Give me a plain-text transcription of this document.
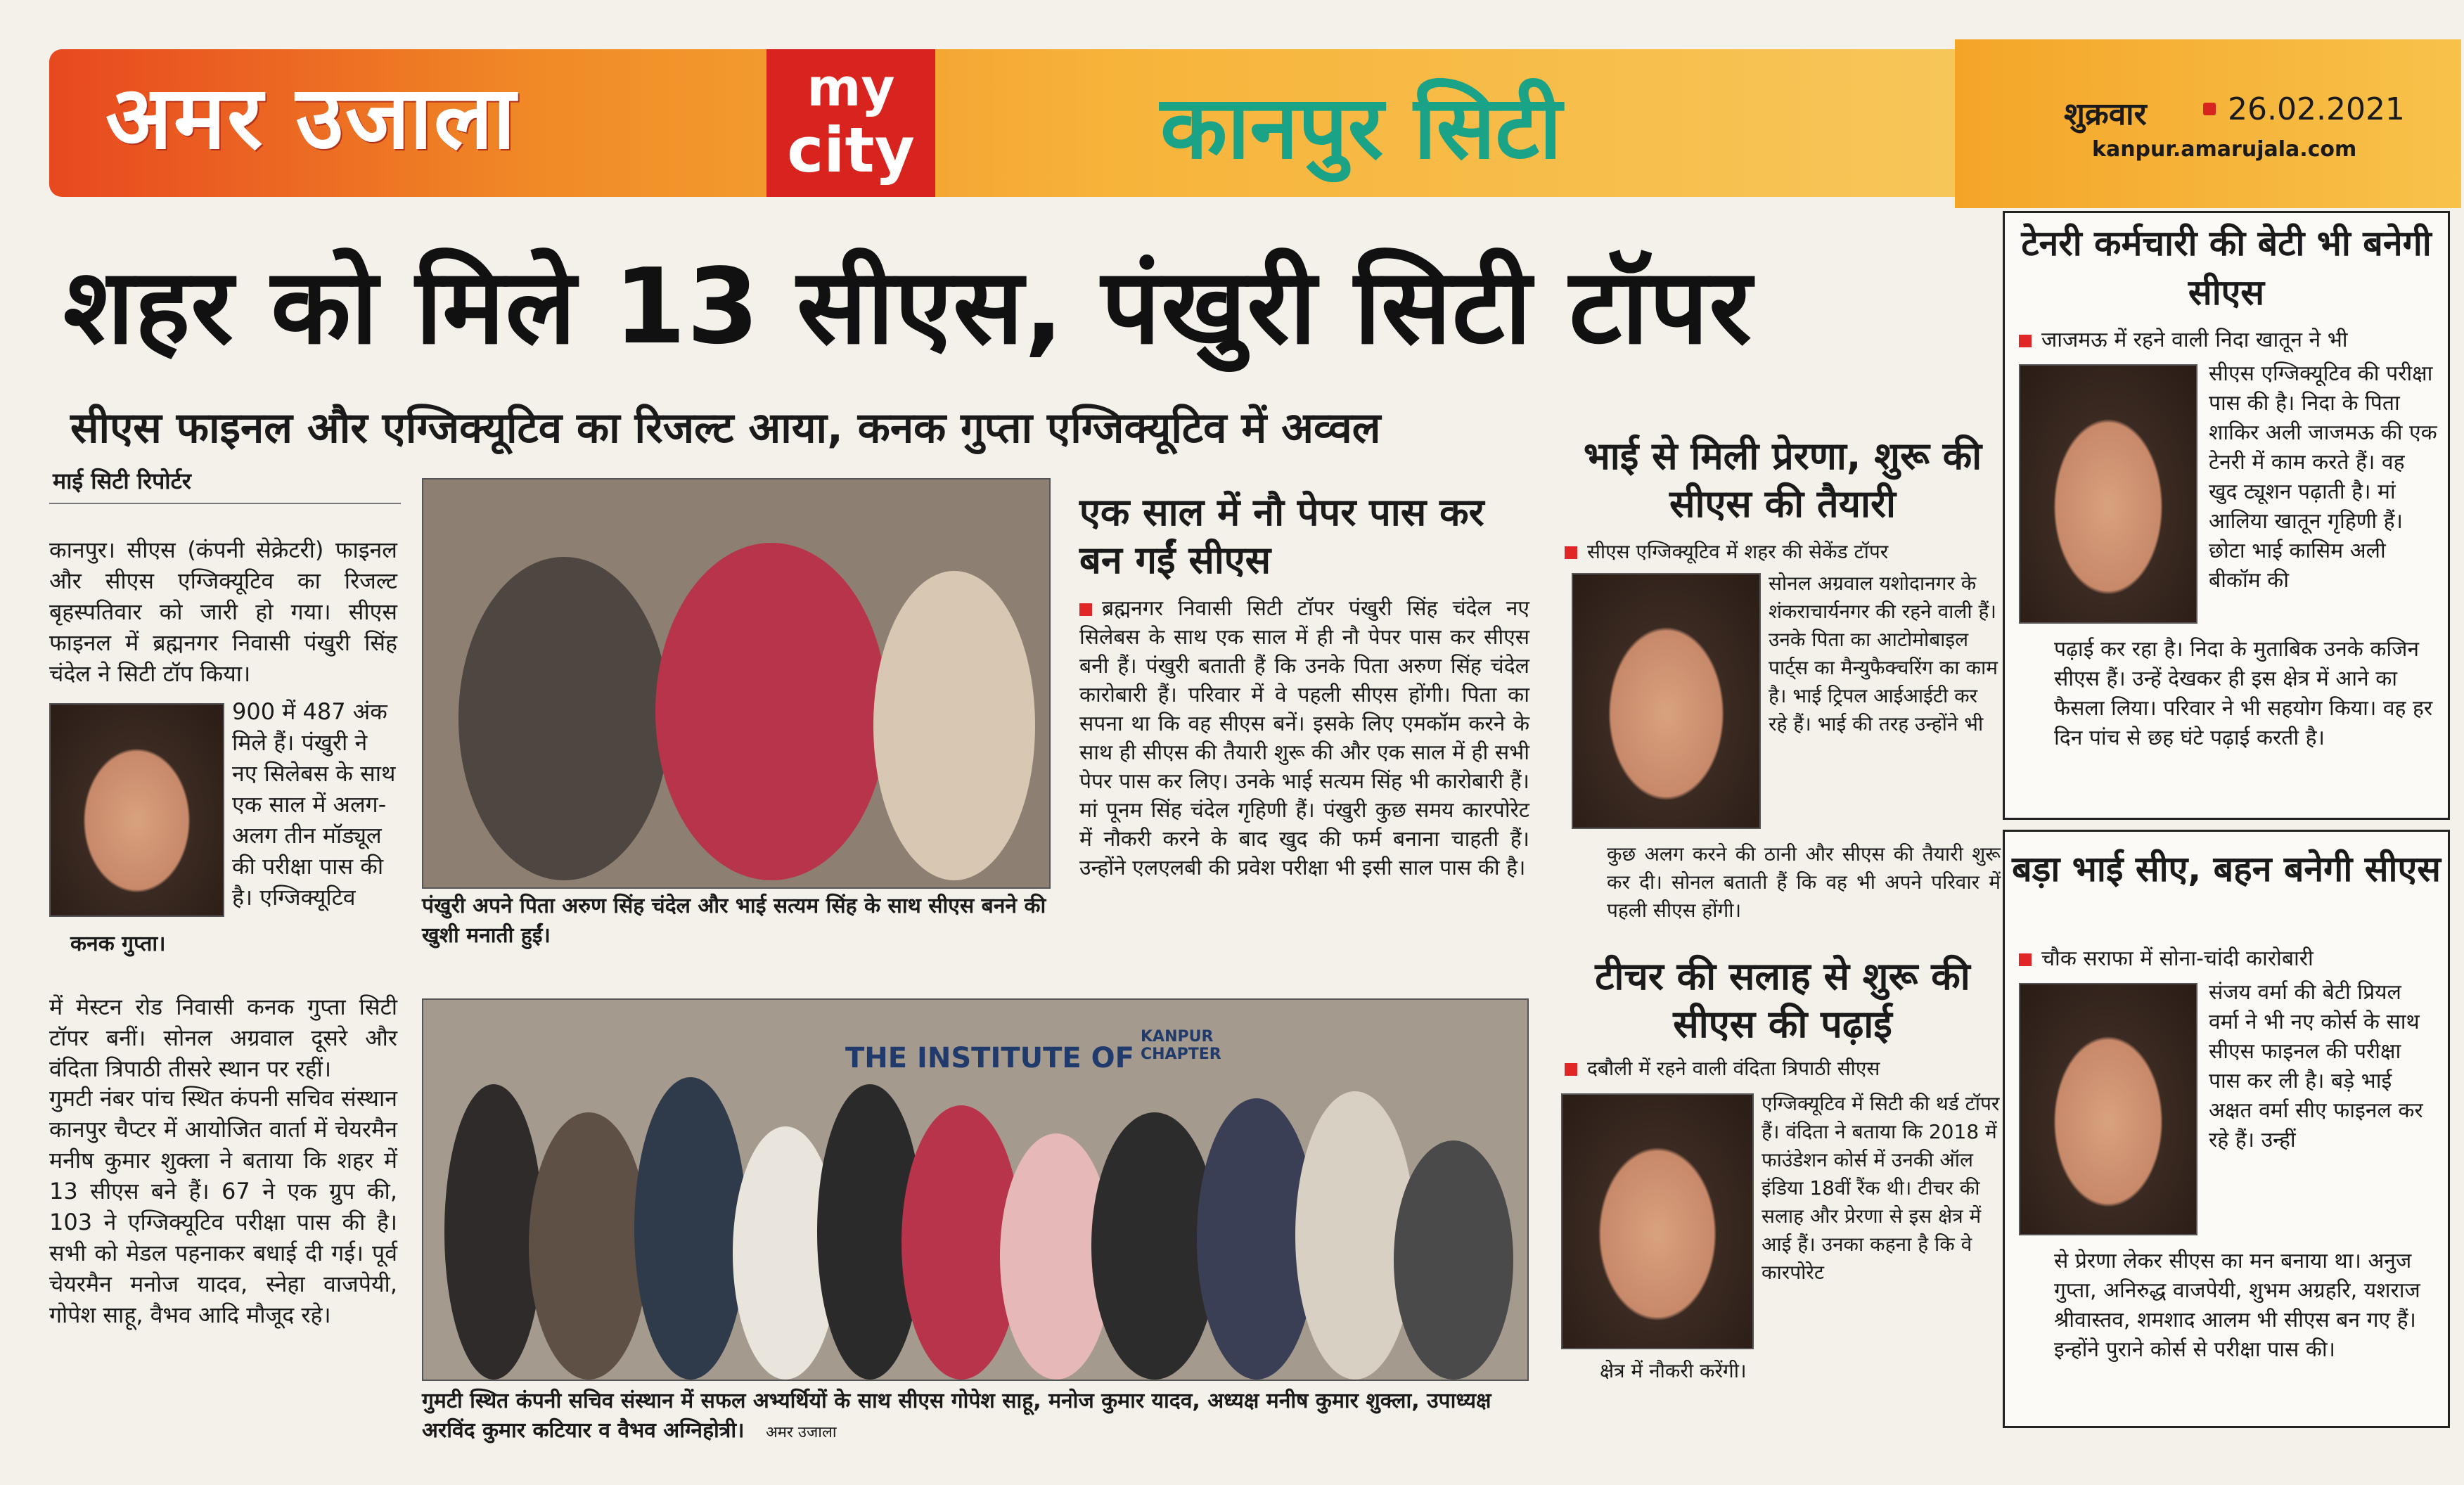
अमर उजाला	my
city	कानपुर सिटी	शुक्रवार	26.02.2021
kanpur.amarujala.com
शहर को मिले 13 सीएस, पंखुरी सिटी टॉपर
सीएस फाइनल और एग्जिक्यूटिव का रिजल्ट आया, कनक गुप्ता एग्जिक्यूटिव में अव्वल
माई सिटी रिपोर्टर
कानपुर। सीएस (कंपनी सेक्रेटरी) फाइनल और सीएस एग्जिक्यूटिव का रिजल्ट बृहस्पतिवार को जारी हो गया। सीएस फाइनल में ब्रह्मनगर निवासी पंखुरी सिंह चंदेल ने सिटी टॉप किया।
900 में 487 अंक मिले हैं। पंखुरी ने नए सिलेबस के साथ एक साल में अलग-अलग तीन मॉड्यूल की परीक्षा पास की है। एग्जिक्यूटिव
कनक गुप्ता।
में मेस्टन रोड निवासी कनक गुप्ता सिटी टॉपर बनीं। सोनल अग्रवाल दूसरे और वंदिता त्रिपाठी तीसरे स्थान पर रहीं।
गुमटी नंबर पांच स्थित कंपनी सचिव संस्थान कानपुर चैप्टर में आयोजित वार्ता में चेयरमैन मनीष कुमार शुक्ला ने बताया कि शहर में 13 सीएस बने हैं। 67 ने एक ग्रुप की, 103 ने एग्जिक्यूटिव परीक्षा पास की है। सभी को मेडल पहनाकर बधाई दी गई। पूर्व चेयरमैन मनोज यादव, स्नेहा वाजपेयी, गोपेश साहू, वैभव आदि मौजूद रहे।
पंखुरी अपने पिता अरुण सिंह चंदेल और भाई सत्यम सिंह के साथ सीएस बनने की खुशी मनाती हुईं।
THE INSTITUTE OF
KANPUR CHAPTER
गुमटी स्थित कंपनी सचिव संस्थान में सफल अभ्यर्थियों के साथ सीएस गोपेश साहू, मनोज कुमार यादव, अध्यक्ष मनीष कुमार शुक्ला, उपाध्यक्ष अरविंद कुमार कटियार व वैभव अग्निहोत्री। अमर उजाला
एक साल में नौ पेपर पास कर बन गईं सीएस
ब्रह्मनगर निवासी सिटी टॉपर पंखुरी सिंह चंदेल नए सिलेबस के साथ एक साल में ही नौ पेपर पास कर सीएस बनी हैं। पंखुरी बताती हैं कि उनके पिता अरुण सिंह चंदेल कारोबारी हैं। परिवार में वे पहली सीएस होंगी। पिता का सपना था कि वह सीएस बनें। इसके लिए एमकॉम करने के साथ ही सीएस की तैयारी शुरू की और एक साल में ही सभी पेपर पास कर लिए। उनके भाई सत्यम सिंह भी कारोबारी हैं। मां पूनम सिंह चंदेल गृहिणी हैं। पंखुरी कुछ समय कारपोरेट में नौकरी करने के बाद खुद की फर्म बनाना चाहती हैं। उन्होंने एलएलबी की प्रवेश परीक्षा भी इसी साल पास की है।
भाई से मिली प्रेरणा, शुरू की सीएस की तैयारी
सीएस एग्जिक्यूटिव में शहर की सेकेंड टॉपर
सोनल अग्रवाल यशोदानगर के शंकराचार्यनगर की रहने वाली हैं। उनके पिता का आटोमोबाइल पार्ट्स का मैन्युफैक्चरिंग का काम है। भाई ट्रिपल आईआईटी कर रहे हैं। भाई की तरह उन्होंने भी
कुछ अलग करने की ठानी और सीएस की तैयारी शुरू कर दी। सोनल बताती हैं कि वह भी अपने परिवार में पहली सीएस होंगी।
टीचर की सलाह से शुरू की सीएस की पढ़ाई
दबौली में रहने वाली वंदिता त्रिपाठी सीएस
एग्जिक्यूटिव में सिटी की थर्ड टॉपर हैं। वंदिता ने बताया कि 2018 में फाउंडेशन कोर्स में उनकी ऑल इंडिया 18वीं रैंक थी। टीचर की सलाह और प्रेरणा से इस क्षेत्र में आई हैं। उनका कहना है कि वे कारपोरेट
क्षेत्र में नौकरी करेंगी।
टेनरी कर्मचारी की बेटी भी बनेगी सीएस
जाजमऊ में रहने वाली निदा खातून ने भी
सीएस एग्जिक्यूटिव की परीक्षा पास की है। निदा के पिता शाकिर अली जाजमऊ की एक टेनरी में काम करते हैं। वह खुद ट्यूशन पढ़ाती है। मां आलिया खातून गृहिणी हैं। छोटा भाई कासिम अली बीकॉम की
पढ़ाई कर रहा है। निदा के मुताबिक उनके कजिन सीएस हैं। उन्हें देखकर ही इस क्षेत्र में आने का फैसला लिया। परिवार ने भी सहयोग किया। वह हर दिन पांच से छह घंटे पढ़ाई करती है।
बड़ा भाई सीए, बहन बनेगी सीएस
चौक सराफा में सोना-चांदी कारोबारी
संजय वर्मा की बेटी प्रियल वर्मा ने भी नए कोर्स के साथ सीएस फाइनल की परीक्षा पास कर ली है। बड़े भाई अक्षत वर्मा सीए फाइनल कर रहे हैं। उन्हीं
से प्रेरणा लेकर सीएस का मन बनाया था। अनुज गुप्ता, अनिरुद्ध वाजपेयी, शुभम अग्रहरि, यशराज श्रीवास्तव, शमशाद आलम भी सीएस बन गए हैं। इन्होंने पुराने कोर्स से परीक्षा पास की।
